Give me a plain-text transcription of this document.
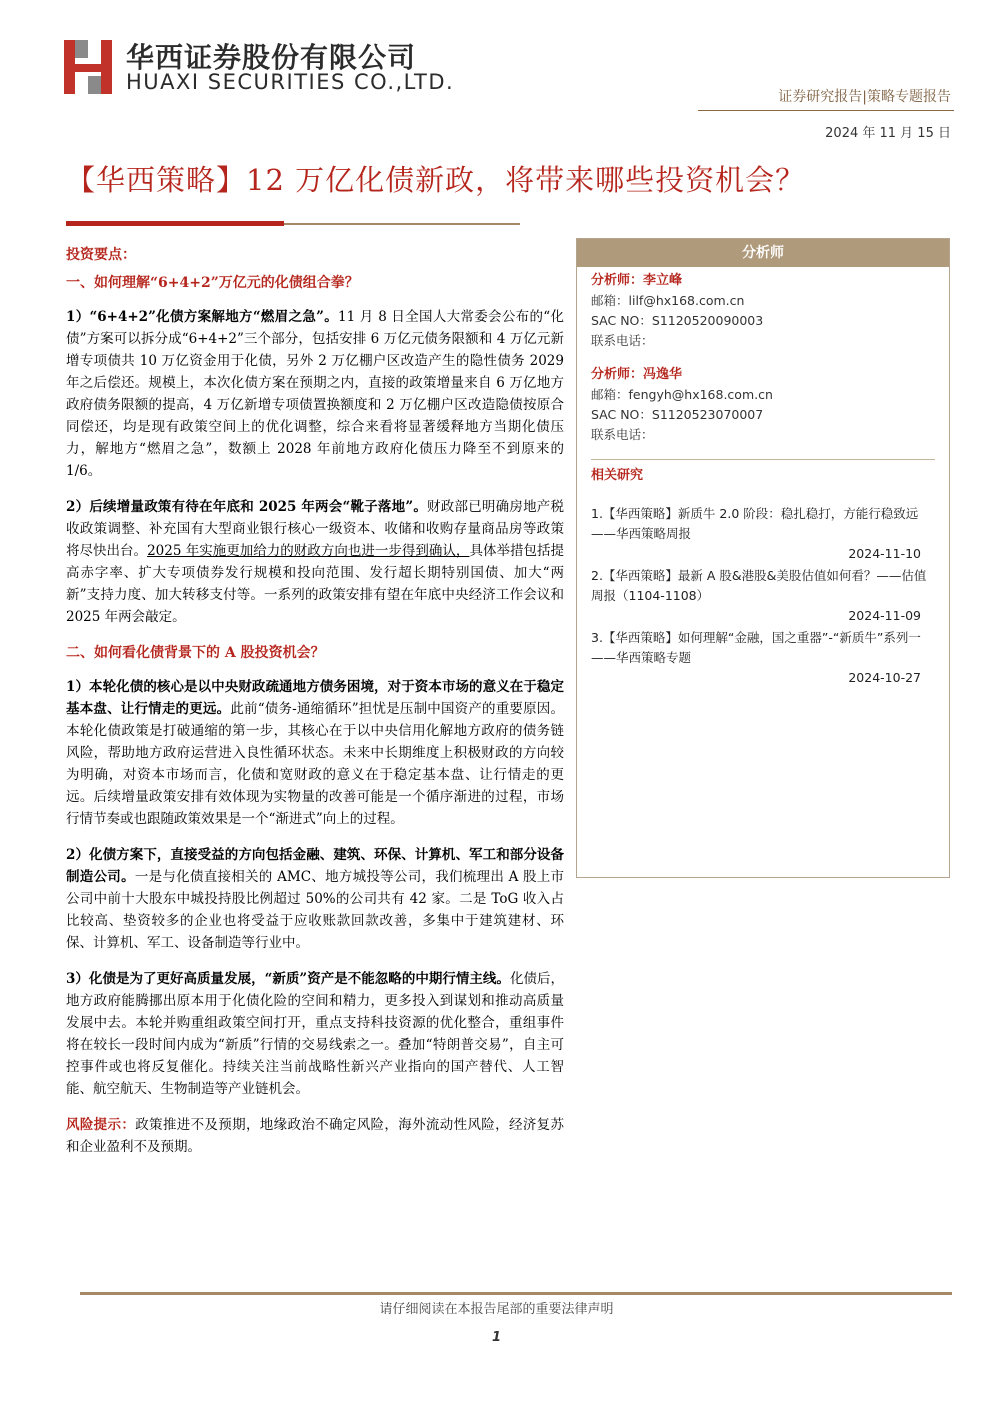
华西证券股份有限公司
HUAXI SECURITIES CO.,LTD.
证券研究报告|策略专题报告
2024 年 11 月 15 日
【华西策略】12 万亿化债新政，将带来哪些投资机会？
投资要点：
一、如何理解“6+4+2”万亿元的化债组合拳？

1）“6+4+2”化债方案解地方“燃眉之急”。11 月 8 日全国人大常委会公布的“化债”方案可以拆分成“6+4+2”三个部分，包括安排 6 万亿元债务限额和 4 万亿元新增专项债共 10 万亿资金用于化债，另外 2 万亿棚户区改造产生的隐性债务 2029 年之后偿还。规模上，本次化债方案在预期之内，直接的政策增量来自 6 万亿地方政府债务限额的提高，4 万亿新增专项债置换额度和 2 万亿棚户区改造隐债按原合同偿还，均是现有政策空间上的优化调整，综合来看将显著缓释地方当期化债压力，解地方“燃眉之急”，数额上 2028 年前地方政府化债压力降至不到原来的 1/6。

2）后续增量政策有待在年底和 2025 年两会“靴子落地”。财政部已明确房地产税收政策调整、补充国有大型商业银行核心一级资本、收储和收购存量商品房等政策将尽快出台。2025 年实施更加给力的财政方向也进一步得到确认，具体举措包括提高赤字率、扩大专项债券发行规模和投向范围、发行超长期特别国债、加大“两新”支持力度、加大转移支付等。一系列的政策安排有望在年底中央经济工作会议和 2025 年两会敲定。

二、如何看化债背景下的 A 股投资机会？

1）本轮化债的核心是以中央财政疏通地方债务困境，对于资本市场的意义在于稳定基本盘、让行情走的更远。此前“债务-通缩循环”担忧是压制中国资产的重要原因。本轮化债政策是打破通缩的第一步，其核心在于以中央信用化解地方政府的债务链风险，帮助地方政府运营进入良性循环状态。未来中长期维度上积极财政的方向较为明确，对资本市场而言，化债和宽财政的意义在于稳定基本盘、让行情走的更远。后续增量政策安排有效体现为实物量的改善可能是一个循序渐进的过程，市场行情节奏或也跟随政策效果是一个“渐进式”向上的过程。

2）化债方案下，直接受益的方向包括金融、建筑、环保、计算机、军工和部分设备制造公司。一是与化债直接相关的 AMC、地方城投等公司，我们梳理出 A 股上市公司中前十大股东中城投持股比例超过 50%的公司共有 42 家。二是 ToG 收入占比较高、垫资较多的企业也将受益于应收账款回款改善，多集中于建筑建材、环保、计算机、军工、设备制造等行业中。

3）化债是为了更好高质量发展，“新质”资产是不能忽略的中期行情主线。化债后，地方政府能腾挪出原本用于化债化险的空间和精力，更多投入到谋划和推动高质量发展中去。本轮并购重组政策空间打开，重点支持科技资源的优化整合，重组事件将在较长一段时间内成为“新质”行情的交易线索之一。叠加“特朗普交易”，自主可控事件或也将反复催化。持续关注当前战略性新兴产业指向的国产替代、人工智能、航空航天、生物制造等产业链机会。

风险提示：政策推进不及预期，地缘政治不确定风险，海外流动性风险，经济复苏和企业盈利不及预期。

分析师
分析师：李立峰
邮箱：lilf@hx168.com.cn
SAC NO：S1120520090003
联系电话：
分析师：冯逸华
邮箱：fengyh@hx168.com.cn
SAC NO：S1120523070007
联系电话：
相关研究
1.【华西策略】新质牛 2.0 阶段：稳扎稳打，方能行稳致远——华西策略周报
2024-11-10
2.【华西策略】最新 A 股&港股&美股估值如何看？——估值周报（1104-1108）
2024-11-09
3.【华西策略】如何理解“金融，国之重器”-“新质牛”系列一——华西策略专题
2024-10-27
请仔细阅读在本报告尾部的重要法律声明
1
